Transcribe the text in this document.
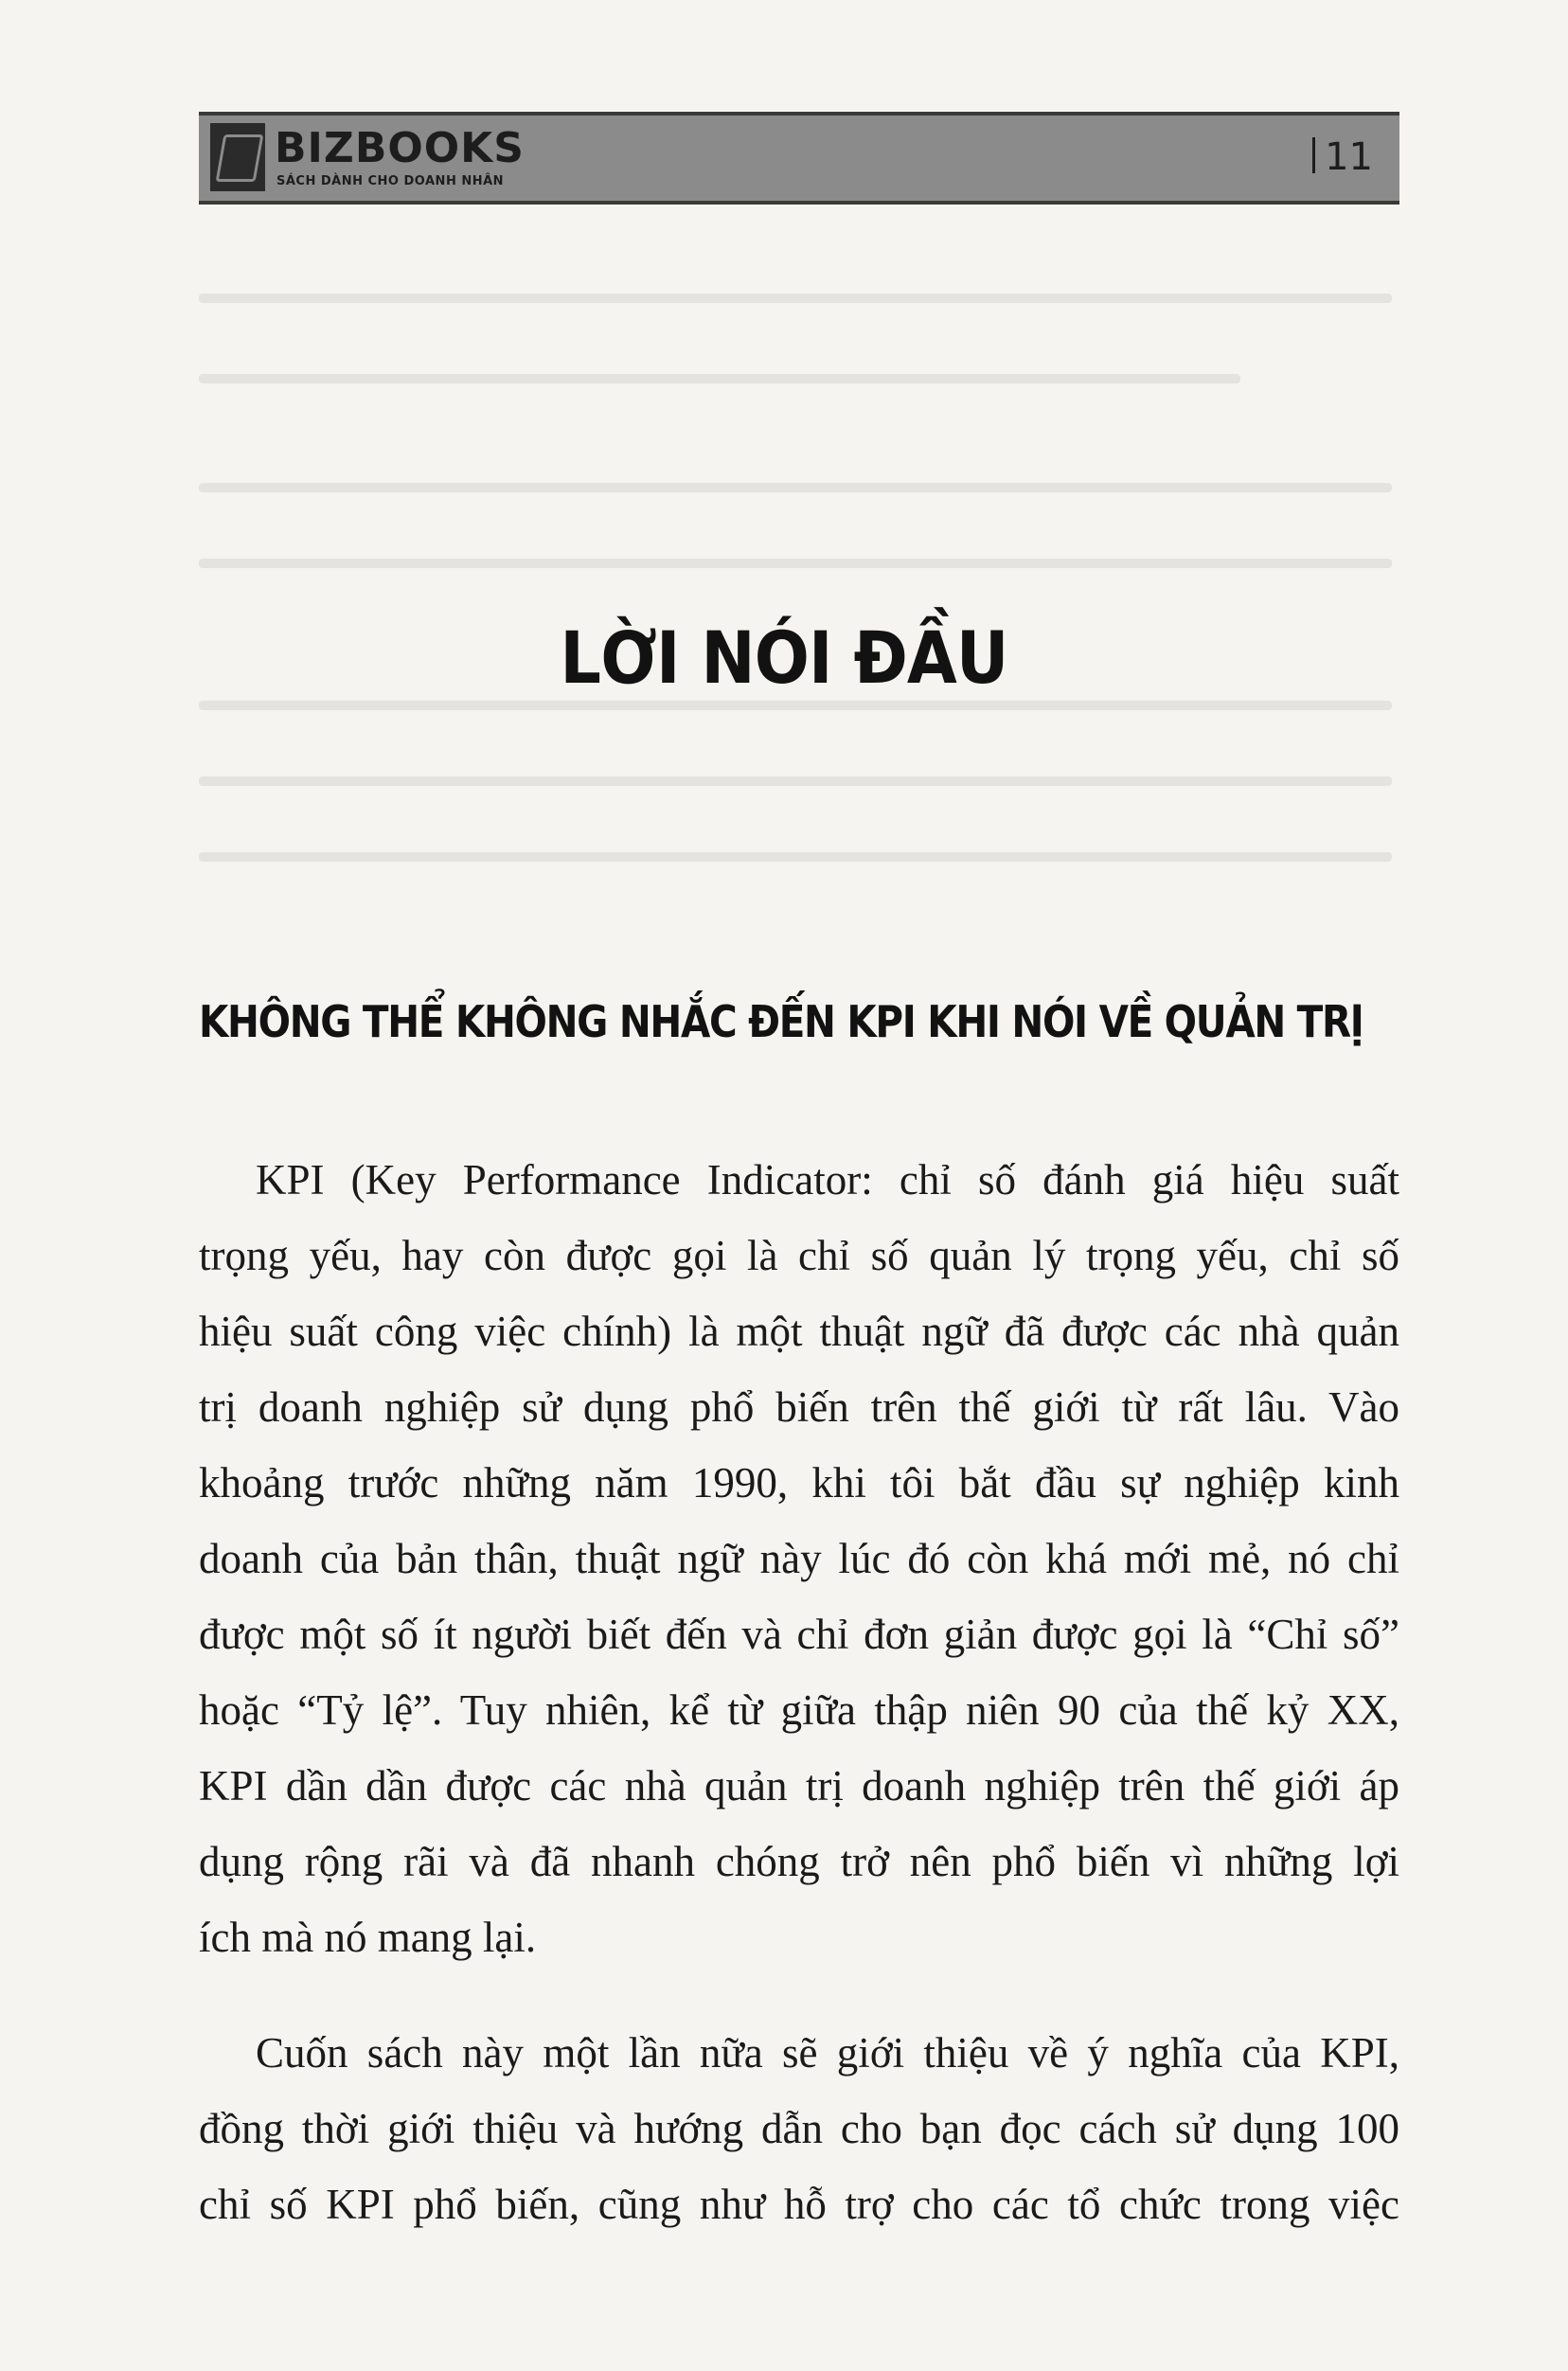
BIZBOOKS
SÁCH DÀNH CHO DOANH NHÂN
11
LỜI NÓI ĐẦU
KHÔNG THỂ KHÔNG NHẮC ĐẾN KPI KHI NÓI VỀ QUẢN TRỊ
KPI (Key Performance Indicator: chỉ số đánh giá hiệu suất
trọng yếu, hay còn được gọi là chỉ số quản lý trọng yếu, chỉ số
hiệu suất công việc chính) là một thuật ngữ đã được các nhà quản
trị doanh nghiệp sử dụng phổ biến trên thế giới từ rất lâu. Vào
khoảng trước những năm 1990, khi tôi bắt đầu sự nghiệp kinh
doanh của bản thân, thuật ngữ này lúc đó còn khá mới mẻ, nó chỉ
được một số ít người biết đến và chỉ đơn giản được gọi là “Chỉ số”
hoặc “Tỷ lệ”. Tuy nhiên, kể từ giữa thập niên 90 của thế kỷ XX,
KPI dần dần được các nhà quản trị doanh nghiệp trên thế giới áp
dụng rộng rãi và đã nhanh chóng trở nên phổ biến vì những lợi
ích mà nó mang lại.
Cuốn sách này một lần nữa sẽ giới thiệu về ý nghĩa của KPI,
đồng thời giới thiệu và hướng dẫn cho bạn đọc cách sử dụng 100
chỉ số KPI phổ biến, cũng như hỗ trợ cho các tổ chức trong việc
